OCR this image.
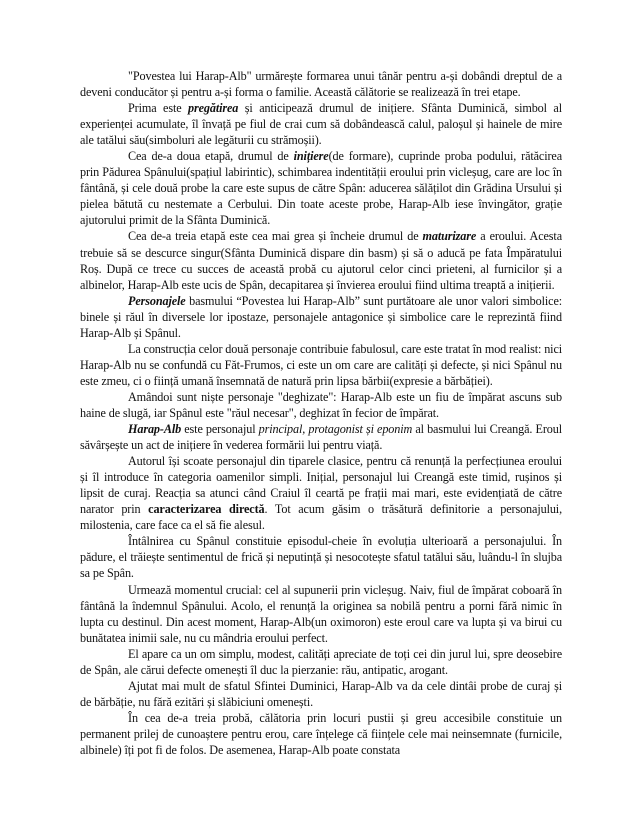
"Povestea lui Harap-Alb" urmărește formarea unui tânăr pentru a-și dobândi dreptul de a deveni conducător și pentru a-și forma o familie. Această călătorie se realizează în trei etape.

Prima este pregătirea și anticipează drumul de inițiere. Sfânta Duminică, simbol al experienței acumulate, îl învață pe fiul de crai cum să dobândească calul, paloșul și hainele de mire ale tatălui său(simboluri ale legăturii cu strămoșii).

Cea de-a doua etapă, drumul de inițiere(de formare), cuprinde proba podului, rătăcirea prin Pădurea Spânului(spațiul labirintic), schimbarea indentității eroului prin vicleșug, care are loc în fântână, și cele două probe la care este supus de către Spân: aducerea sălățilot din Grădina Ursului și pielea bătută cu nestemate a Cerbului. Din toate aceste probe, Harap-Alb iese învingător, grație ajutorului primit de la Sfânta Duminică.

Cea de-a treia etapă este cea mai grea și încheie drumul de maturizare a eroului. Acesta trebuie să se descurce singur(Sfânta Duminică dispare din basm) și să o aducă pe fata Împăratului Roș. După ce trece cu succes de această probă cu ajutorul celor cinci prieteni, al furnicilor și a albinelor, Harap-Alb este ucis de Spân, decapitarea și învierea eroului fiind ultima treaptă a inițierii.

Personajele basmului “Povestea lui Harap-Alb” sunt purtătoare ale unor valori simbolice: binele și răul în diversele lor ipostaze, personajele antagonice și simbolice care le reprezintă fiind Harap-Alb și Spânul.

La construcția celor două personaje contribuie fabulosul, care este tratat în mod realist: nici Harap-Alb nu se confundă cu Făt-Frumos, ci este un om care are calități și defecte, și nici Spânul nu este zmeu, ci o ființă umană însemnată de natură prin lipsa bărbii(expresie a bărbăției).

Amândoi sunt niște personaje "deghizate": Harap-Alb este un fiu de împărat ascuns sub haine de slugă, iar Spânul este "răul necesar", deghizat în fecior de împărat.

Harap-Alb este personajul principal, protagonist și eponim al basmului lui Creangă. Eroul săvârșește un act de inițiere în vederea formării lui pentru viață.

Autorul își scoate personajul din tiparele clasice, pentru că renunță la perfecțiunea eroului și îl introduce în categoria oamenilor simpli. Inițial, personajul lui Creangă este timid, rușinos și lipsit de curaj. Reacția sa atunci când Craiul îl ceartă pe frații mai mari, este evidențiată de către narator prin caracterizarea directă. Tot acum găsim o trăsătură definitorie a personajului, milostenia, care face ca el să fie alesul.

Întâlnirea cu Spânul constituie episodul-cheie în evoluția ulterioară a personajului. În pădure, el trăiește sentimentul de frică și neputință și nesocotește sfatul tatălui său, luându-l în slujba sa pe Spân.

Urmează momentul crucial: cel al supunerii prin vicleșug. Naiv, fiul de împărat coboară în fântână la îndemnul Spânului. Acolo, el renunță la originea sa nobilă pentru a porni fără nimic în lupta cu destinul. Din acest moment, Harap-Alb(un oximoron) este eroul care va lupta și va birui cu bunătatea inimii sale, nu cu mândria eroului perfect.

El apare ca un om simplu, modest, calități apreciate de toți cei din jurul lui, spre deosebire de Spân, ale cărui defecte omenești îl duc la pierzanie: rău, antipatic, arogant.

Ajutat mai mult de sfatul Sfintei Duminici, Harap-Alb va da cele dintâi probe de curaj și de bărbăție, nu fără ezitări și slăbiciuni omenești.

În cea de-a treia probă, călătoria prin locuri pustii și greu accesibile constituie un permanent prilej de cunoaștere pentru erou, care înțelege că ființele cele mai neinsemnate (furnicile, albinele) îți pot fi de folos. De asemenea, Harap-Alb poate constata
